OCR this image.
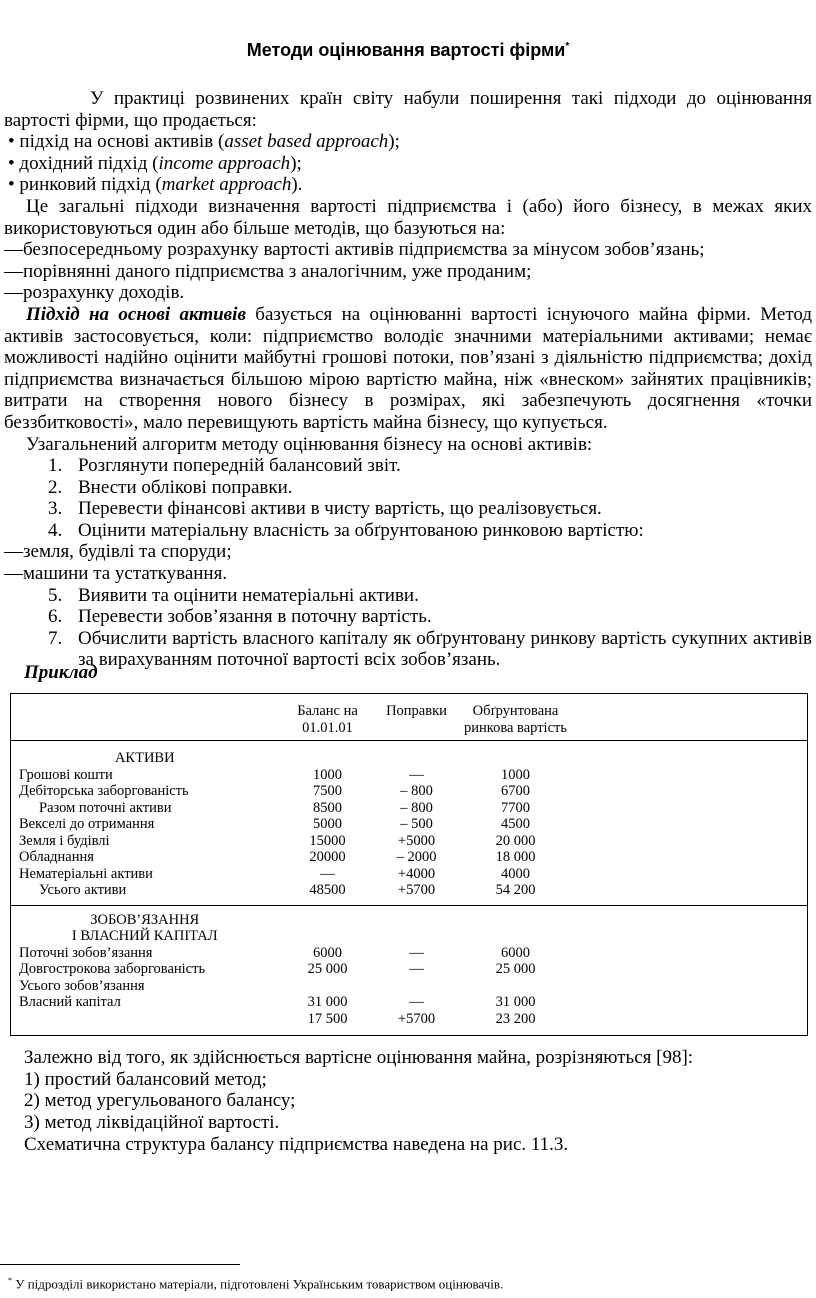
Методи оцінювання вартості фірми*

У практиці розвинених країн світу набули поширення такі підходи до оцінювання вартості фірми, що продається:

• підхід на основі активів (asset based approach);

• дохідний підхід (income approach);

• ринковий підхід (market approach).

Це загальні підходи визначення вартості підприємства і (або) його бізнесу, в межах яких використовуються один або більше методів, що базуються на:

—безпосередньому розрахунку вартості активів підприємства за мінусом зобов’язань;

—порівнянні даного підприємства з аналогічним, уже проданим;

—розрахунку доходів.

Підхід на основі активів базується на оцінюванні вартості існуючого майна фірми. Метод активів застосовується, коли: підприємство володіє значними матеріальними активами; немає можливості надійно оцінити майбутні грошові потоки, пов’язані з діяльністю підприємства; дохід підприємства визначається більшою мірою вартістю майна, ніж «внеском» зайнятих працівників; витрати на створення нового бізнесу в розмірах, які забезпечують досягнення «точки беззбитковості», мало перевищують вартість майна бізнесу, що купується.

Узагальнений алгоритм методу оцінювання бізнесу на основі активів:

1. Розглянути попередній балансовий звіт.

2. Внести облікові поправки.

3. Перевести фінансові активи в чисту вартість, що реалізовується.

4. Оцінити матеріальну власність за обґрунтованою ринковою вартістю:

—земля, будівлі та споруди;

—машини та устаткування.

5. Виявити та оцінити нематеріальні активи.

6. Перевести зобов’язання в поточну вартість.

7. Обчислити вартість власного капіталу як обґрунтовану ринкову вартість сукупних активів за вирахуванням поточної вартості всіх зобов’язань.

Приклад
	Баланс на
01.01.01	Поправки	Обґрунтована
ринкова вартість	
АКТИВИ				
Грошові кошти	1000	—	1000	
Дебіторська заборгованість	7500	– 800	6700	
Разом поточні активи	8500	– 800	7700	
Векселі до отримання	5000	– 500	4500	
Земля і будівлі	15000	+5000	20 000	
Обладнання	20000	– 2000	18 000	
Нематеріальні активи	—	+4000	4000	
Усього активи	48500	+5700	54 200	

ЗОБОВ’ЯЗАННЯ
І ВЛАСНИЙ КАПІТАЛ				
Поточні зобов’язання	6000	—	6000	
Довгострокова заборгованість	25 000	—	25 000	
Усього зобов’язання				
Власний капітал	31 000	—	31 000	
	17 500	+5700	23 200	

Залежно від того, як здійснюється вартісне оцінювання майна, розрізняються [98]:

1) простий балансовий метод;

2) метод урегульованого балансу;

3) метод ліквідаційної вартості.

Схематична структура балансу підприємства наведена на рис. 11.3.

* У підрозділі використано матеріали, підготовлені Українським товариством оцінювачів.
